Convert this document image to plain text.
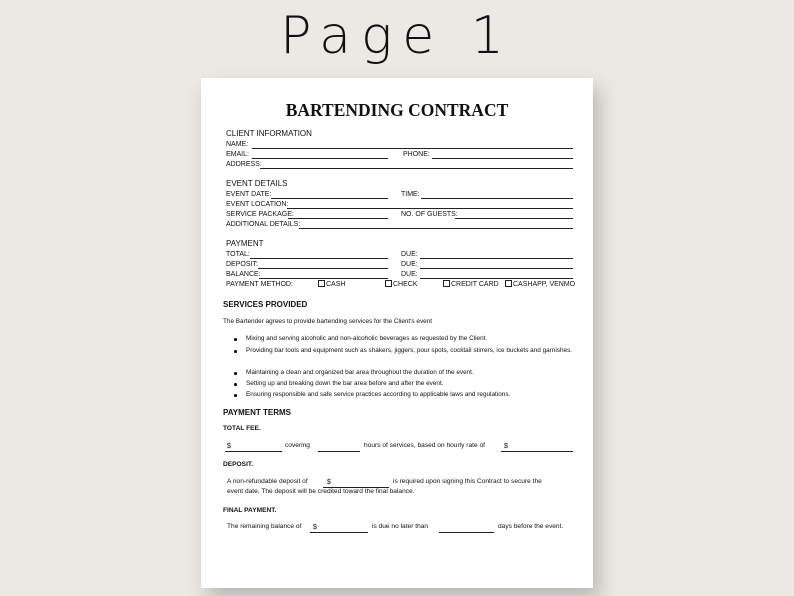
Page 1
BARTENDING CONTRACT
CLIENT INFORMATION
NAME:
EMAIL:	PHONE:
ADDRESS:
EVENT DETAILS
EVENT DATE:	TIME:
EVENT LOCATION:
SERVICE PACKAGE:	NO. OF GUESTS:
ADDITIONAL DETAILS:
PAYMENT
TOTAL:	DUE:
DEPOSIT:	DUE:
BALANCE:	DUE:
PAYMENT METHOD:	CASH	CHECK	CREDIT CARD	CASHAPP, VENMO
SERVICES PROVIDED
The Bartender agrees to provide bartending services for the Client's event
Mixing and serving alcoholic and non-alcoholic beverages as requested by the Client.
Providing bar tools and equipment such as shakers, jiggers, pour spots, cocktail stirrers, ice buckets and garnishes.
Maintaining a clean and organized bar area throughout the duration of the event.
Setting up and breaking down the bar area before and after the event.
Ensuring responsible and safe service practices according to applicable laws and regulations.
PAYMENT TERMS
TOTAL FEE.
$	covering	hours of services, based on hourly rate of	$
DEPOSIT.
A non-refundable deposit of	$	is required upon signing this Contract to secure the
event date. The deposit will be credited toward the final balance.
FINAL PAYMENT.
The remaining balance of $	is due no later than	days before the event.
